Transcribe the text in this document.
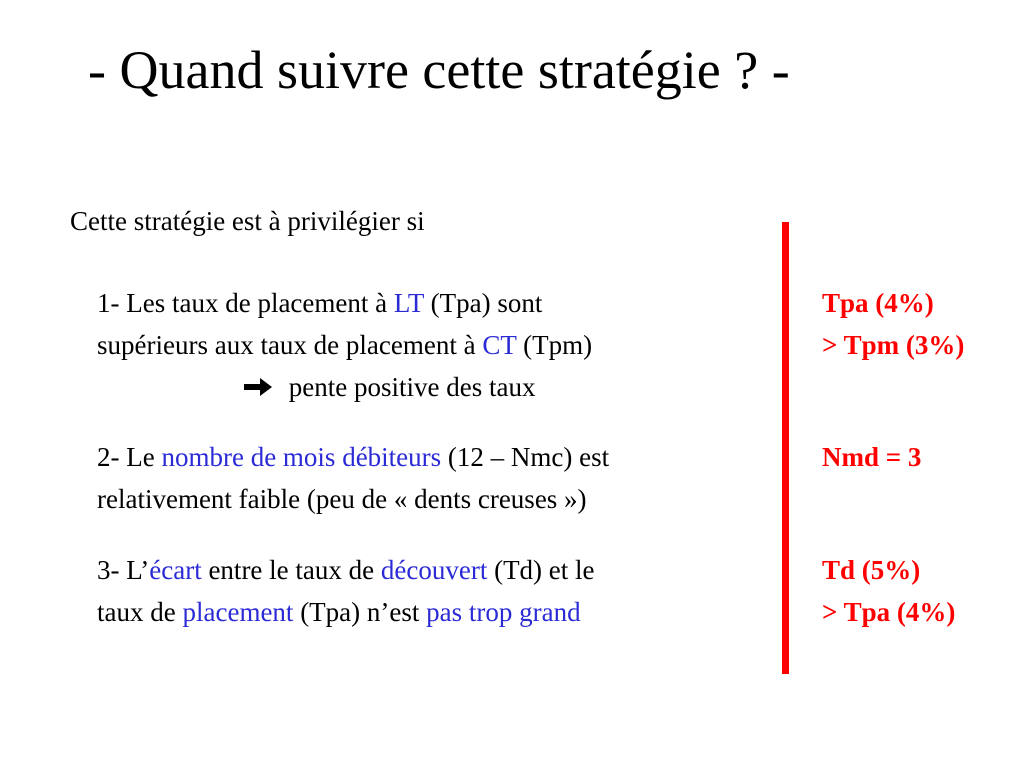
- Quand suivre cette stratégie ? -
Cette stratégie est à privilégier si
1- Les taux de placement à LT (Tpa) sont
supérieurs aux taux de placement à CT (Tpm)
pente positive des taux
2- Le nombre de mois débiteurs (12 – Nmc) est
relativement faible (peu de « dents creuses »)
3- L’écart entre le taux de découvert (Td) et le
taux de placement (Tpa) n’est pas trop grand
Tpa (4%)
> Tpm (3%)
Nmd = 3
Td (5%)
> Tpa (4%)
